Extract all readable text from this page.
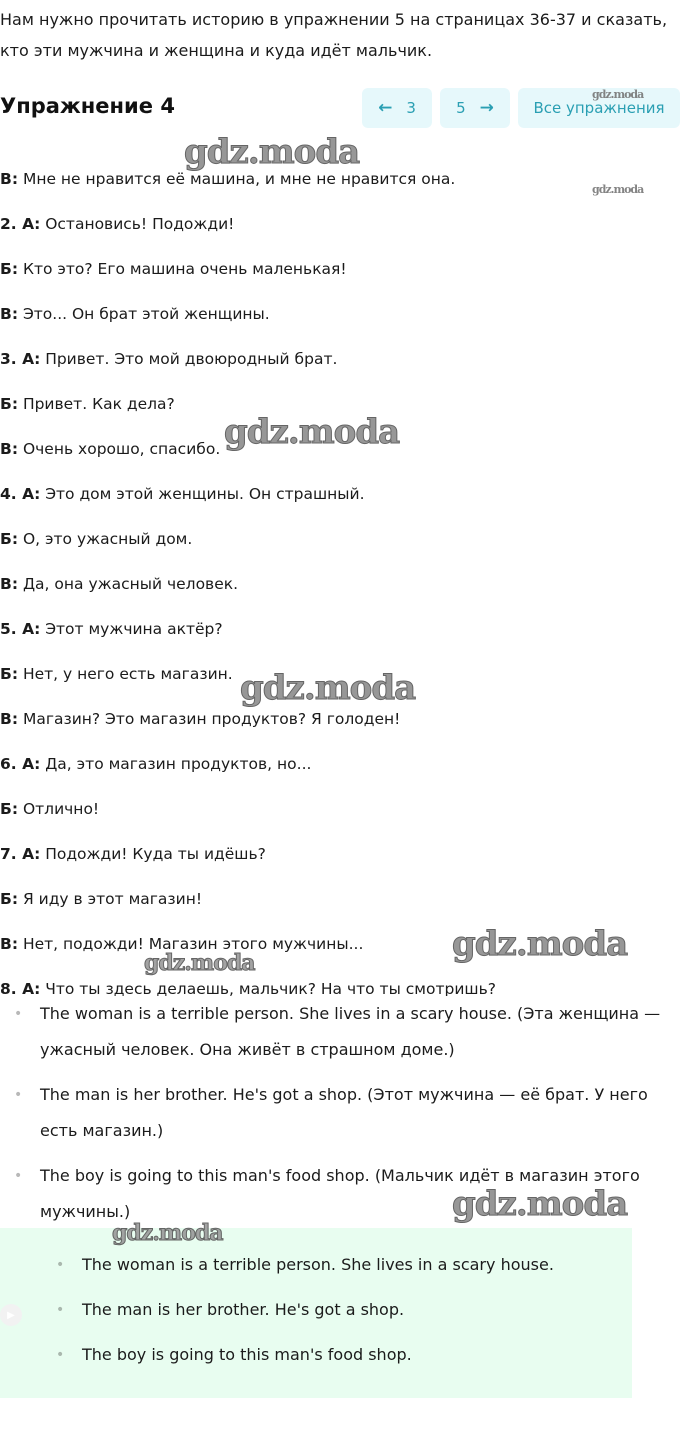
Нам нужно прочитать историю в упражнении 5 на страницах 36-37 и сказать, кто эти мужчина и женщина и куда идёт мальчик.
Упражнение 4	← 3	5 →	Все упражнения
В: Мне не нравится её машина, и мне не нравится она.
2. А: Остановись! Подожди!
Б: Кто это? Его машина очень маленькая!
В: Это... Он брат этой женщины.
3. А: Привет. Это мой двоюродный брат.
Б: Привет. Как дела?
В: Очень хорошо, спасибо.
4. А: Это дом этой женщины. Он страшный.
Б: О, это ужасный дом.
В: Да, она ужасный человек.
5. А: Этот мужчина актёр?
Б: Нет, у него есть магазин.
В: Магазин? Это магазин продуктов? Я голоден!
6. А: Да, это магазин продуктов, но...
Б: Отлично!
7. А: Подожди! Куда ты идёшь?
Б: Я иду в этот магазин!
В: Нет, подожди! Магазин этого мужчины...
8. А: Что ты здесь делаешь, мальчик? На что ты смотришь?
• The woman is a terrible person. She lives in a scary house. (Эта женщина — ужасный человек. Она живёт в страшном доме.)
• The man is her brother. He's got a shop. (Этот мужчина — её брат. У него есть магазин.)
• The boy is going to this man's food shop. (Мальчик идёт в магазин этого мужчины.)
▶
• The woman is a terrible person. She lives in a scary house.
• The man is her brother. He's got a shop.
• The boy is going to this man's food shop.
gdz.moda
gdz.moda
gdz.moda
gdz.moda
gdz.moda
gdz.moda
gdz.moda
gdz.moda
gdz.moda
